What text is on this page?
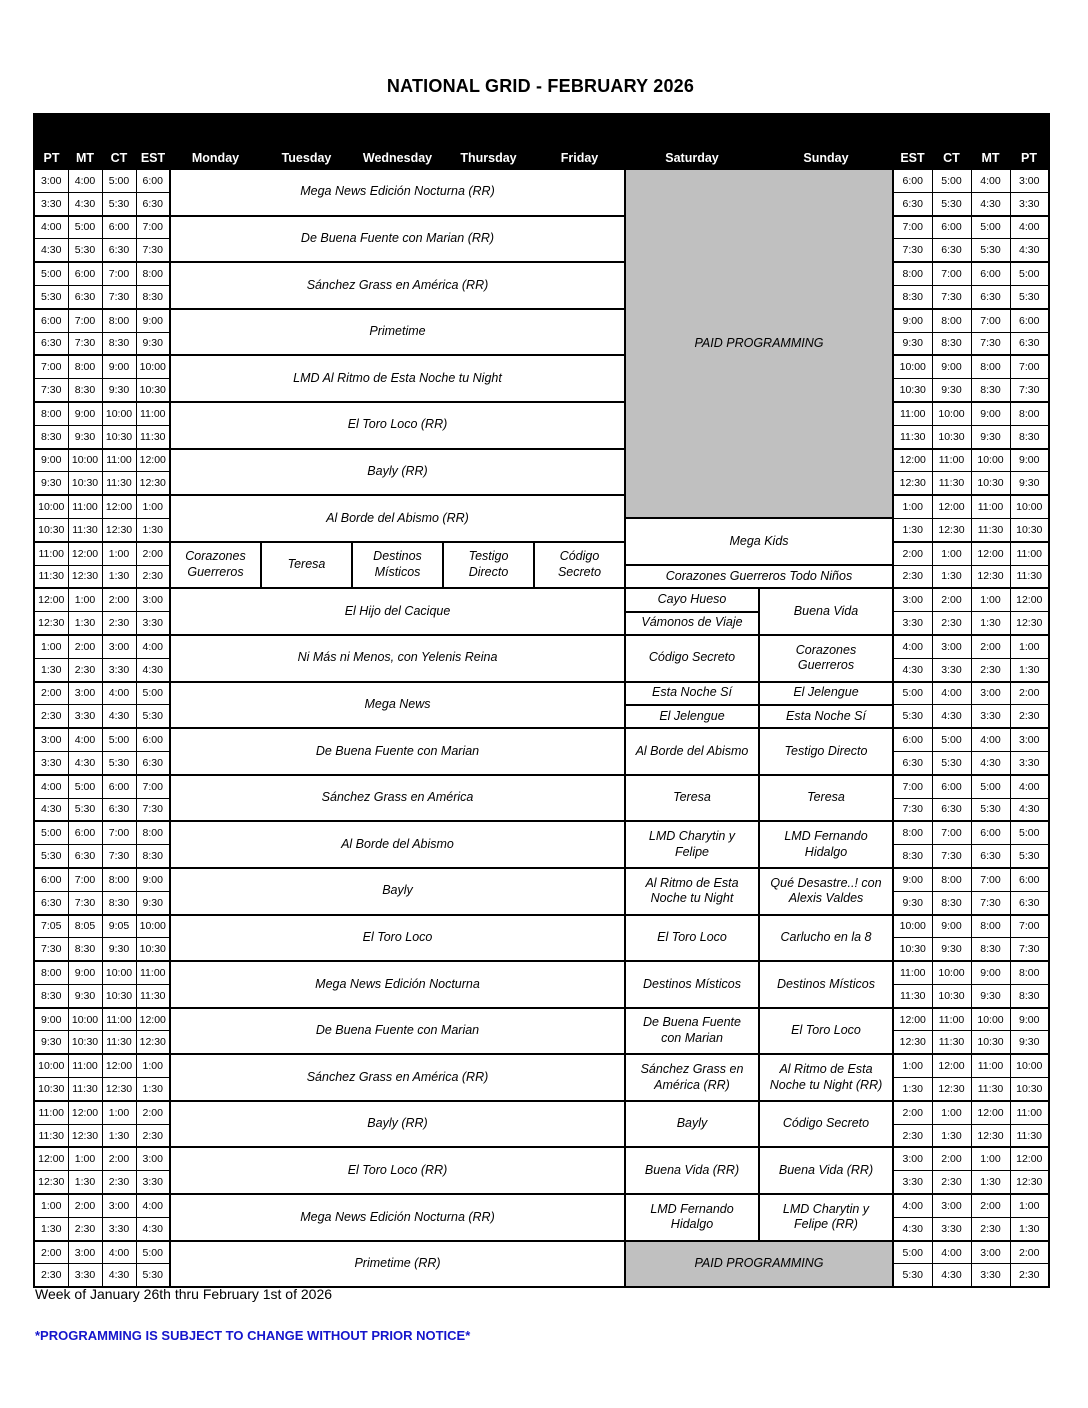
NATIONAL GRID - FEBRUARY 2026
PT	MT	CT	EST	Monday	Tuesday	Wednesday	Thursday	Friday	Saturday	Sunday	EST	CT	MT	PT
3:00	4:00	5:00	6:00	Mega News Edición Nocturna (RR)					PAID PROGRAMMING		6:00	5:00	4:00	3:00
3:30	4:30	5:30	6:30								6:30	5:30	4:30	3:30
4:00	5:00	6:00	7:00	De Buena Fuente con Marian (RR)							7:00	6:00	5:00	4:00
4:30	5:30	6:30	7:30								7:30	6:30	5:30	4:30
5:00	6:00	7:00	8:00	Sánchez Grass en América (RR)							8:00	7:00	6:00	5:00
5:30	6:30	7:30	8:30								8:30	7:30	6:30	5:30
6:00	7:00	8:00	9:00	Primetime							9:00	8:00	7:00	6:00
6:30	7:30	8:30	9:30								9:30	8:30	7:30	6:30
7:00	8:00	9:00	10:00	LMD Al Ritmo de Esta Noche tu Night							10:00	9:00	8:00	7:00
7:30	8:30	9:30	10:30								10:30	9:30	8:30	7:30
8:00	9:00	10:00	11:00	El Toro Loco (RR)							11:00	10:00	9:00	8:00
8:30	9:30	10:30	11:30								11:30	10:30	9:30	8:30
9:00	10:00	11:00	12:00	Bayly (RR)							12:00	11:00	10:00	9:00
9:30	10:30	11:30	12:30								12:30	11:30	10:30	9:30
10:00	11:00	12:00	1:00	Al Borde del Abismo (RR)							1:00	12:00	11:00	10:00
10:30	11:30	12:30	1:30						Mega Kids		1:30	12:30	11:30	10:30
11:00	12:00	1:00	2:00	Corazones Guerreros	Teresa	Destinos Místicos	Testigo Directo	Código Secreto			2:00	1:00	12:00	11:00
11:30	12:30	1:30	2:30						Corazones Guerreros Todo Niños		2:30	1:30	12:30	11:30
12:00	1:00	2:00	3:00	El Hijo del Cacique					Cayo Hueso	Buena Vida	3:00	2:00	1:00	12:00
12:30	1:30	2:30	3:30						Vámonos de Viaje		3:30	2:30	1:30	12:30
1:00	2:00	3:00	4:00	Ni Más ni Menos, con Yelenis Reina					Código Secreto	Corazones Guerreros	4:00	3:00	2:00	1:00
1:30	2:30	3:30	4:30								4:30	3:30	2:30	1:30
2:00	3:00	4:00	5:00	Mega News					Esta Noche Sí	El Jelengue	5:00	4:00	3:00	2:00
2:30	3:30	4:30	5:30						El Jelengue	Esta Noche Sí	5:30	4:30	3:30	2:30
3:00	4:00	5:00	6:00	De Buena Fuente con Marian					Al Borde del Abismo	Testigo Directo	6:00	5:00	4:00	3:00
3:30	4:30	5:30	6:30								6:30	5:30	4:30	3:30
4:00	5:00	6:00	7:00	Sánchez Grass en América					Teresa	Teresa	7:00	6:00	5:00	4:00
4:30	5:30	6:30	7:30								7:30	6:30	5:30	4:30
5:00	6:00	7:00	8:00	Al Borde del Abismo					LMD Charytin y Felipe	LMD Fernando Hidalgo	8:00	7:00	6:00	5:00
5:30	6:30	7:30	8:30								8:30	7:30	6:30	5:30
6:00	7:00	8:00	9:00	Bayly					Al Ritmo de Esta Noche tu Night	Qué Desastre..! con Alexis Valdes	9:00	8:00	7:00	6:00
6:30	7:30	8:30	9:30								9:30	8:30	7:30	6:30
7:05	8:05	9:05	10:00	El Toro Loco					El Toro Loco	Carlucho en la 8	10:00	9:00	8:00	7:00
7:30	8:30	9:30	10:30								10:30	9:30	8:30	7:30
8:00	9:00	10:00	11:00	Mega News Edición Nocturna					Destinos Místicos	Destinos Místicos	11:00	10:00	9:00	8:00
8:30	9:30	10:30	11:30								11:30	10:30	9:30	8:30
9:00	10:00	11:00	12:00	De Buena Fuente con Marian					De Buena Fuente con Marian	El Toro Loco	12:00	11:00	10:00	9:00
9:30	10:30	11:30	12:30								12:30	11:30	10:30	9:30
10:00	11:00	12:00	1:00	Sánchez Grass en América (RR)					Sánchez Grass en América (RR)	Al Ritmo de Esta Noche tu Night (RR)	1:00	12:00	11:00	10:00
10:30	11:30	12:30	1:30								1:30	12:30	11:30	10:30
11:00	12:00	1:00	2:00	Bayly (RR)					Bayly	Código Secreto	2:00	1:00	12:00	11:00
11:30	12:30	1:30	2:30								2:30	1:30	12:30	11:30
12:00	1:00	2:00	3:00	El Toro Loco (RR)					Buena Vida (RR)	Buena Vida (RR)	3:00	2:00	1:00	12:00
12:30	1:30	2:30	3:30								3:30	2:30	1:30	12:30
1:00	2:00	3:00	4:00	Mega News Edición Nocturna (RR)					LMD Fernando Hidalgo	LMD Charytin y Felipe (RR)	4:00	3:00	2:00	1:00
1:30	2:30	3:30	4:30								4:30	3:30	2:30	1:30
2:00	3:00	4:00	5:00	Primetime (RR)					PAID PROGRAMMING		5:00	4:00	3:00	2:00
2:30	3:30	4:30	5:30								5:30	4:30	3:30	2:30

Week of January 26th thru February 1st of 2026

*PROGRAMMING IS SUBJECT TO CHANGE WITHOUT PRIOR NOTICE*
